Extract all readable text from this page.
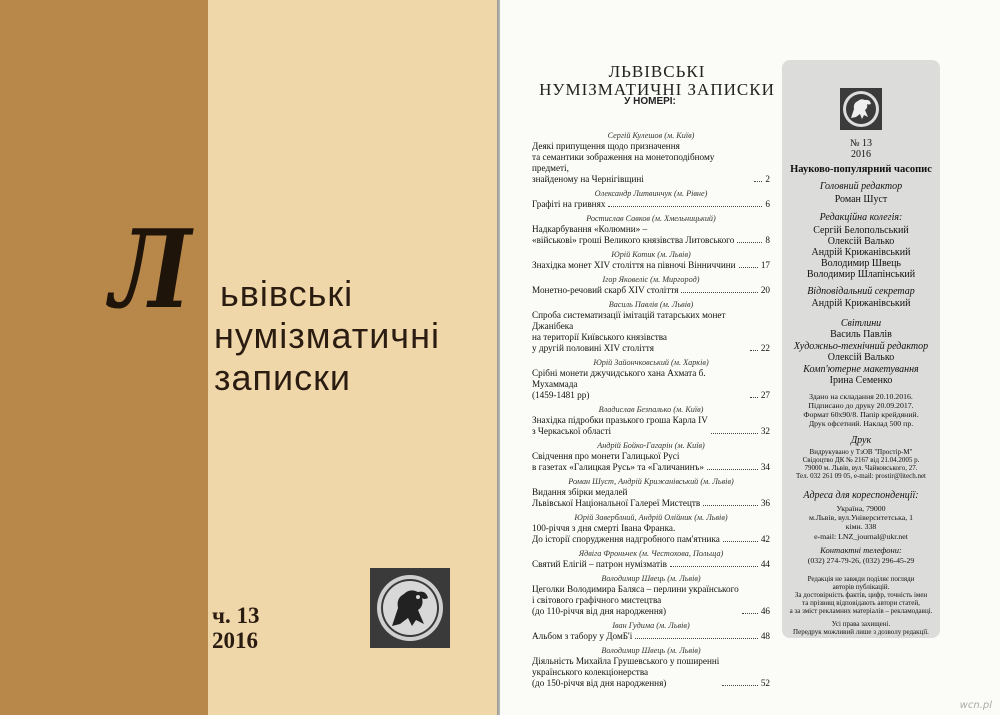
Л ьвівські
нумізматичні
записки
ч. 13
2016
ЛЬВІВСЬКІ
НУМІЗМАТИЧНІ ЗАПИСКИ
У НОМЕРІ:
Сергій Кулешов (м. Київ)
Деякі припущення щодо призначення
та семантики зображення на монетоподібному предметі,
знайденому на Чернігівщині	2
Олександр Литвинчук (м. Рівне)
Графіті на гривнях	6
Ростислав Савков (м. Хмельницький)
Надкарбування «Колюмни» –
«військові» гроші Великого князівства Литовського	8
Юрій Котик (м. Львів)
Знахідка монет XIV століття на півночі Вінниччини	17
Ігор Яковеліс (м. Миргород)
Монетно-речовий скарб XIV століття	20
Василь Павлів (м. Львів)
Спроба систематизації імітацій татарських монет Джанібека
на території Київського князівства
у другій половині XIV століття	22
Юрій Зайончковський (м. Харків)
Срібні монети джучидського хана Ахмата б. Мухаммада
(1459-1481 рр)	27
Владислав Безпалько (м. Київ)
Знахідка підробки празького гроша Карла IV
з Черкаської області	32
Андрій Бойко-Гагарін (м. Київ)
Свідчення про монети Галицької Русі
в газетах «Галицкая Русь» та «Галичанинъ»	34
Роман Шуст, Андрій Крижанівський (м. Львів)
Видання збірки медалей
Львівської Національної Галереї Мистецтв	36
Юрій Заверблний, Андрій Олійник (м. Львів)
100-річчя з дня смерті Івана Франка.
До історії спорудження надгробного пам'ятника	42
Ядвіга Фроньчек (м. Честохова, Польща)
Святий Елігій – патрон нумізматів	44
Володимир Швець (м. Львів)
Цеголки Володимира Баляса – перлини українського
і світового графічного мистецтва
(до 110-річчя від дня народження)	46
Іван Гудима (м. Львів)
Альбом з табору у ДомБ'і	48
Володимир Швець (м. Львів)
Діяльність Михайла Грушевського у поширенні
українського колекціонерства
(до 150-річчя від дня народження)	52
№ 13
2016
Науково-популярний часопис
Головний редактор
Роман Шуст
Редакційна колегія:
Сергій Белопольський
Олексій Валько
Андрій Крижанівський
Володимир Швець
Володимир Шлапінський
Відповідальний секретар
Андрій Крижанівський
Світлини
Василь Павлів
Художньо-технічний редактор
Олексій Валько
Комп'ютерне макетування
Ірина Семенко
Здано на складання 20.10.2016.
Підписано до друку 20.09.2017.
Формат 60х90/8. Папір крейдяний.
Друк офсетний. Наклад 500 пр.
Друк
Видрукувано у ТзОВ "Простір-М"
Свідоцтво ДК № 2167 від 21.04.2005 р.
79000 м. Львів, вул. Чайковського, 27.
Тел. 032 261 09 05, e-mail: prostir@litech.net
Адреса для кореспонденції:
Україна, 79000
м.Львів, вул.Університетська, 1
кімн. 338
e-mail: LNZ_journal@ukr.net
Контактні телефони:
(032) 274-79-26, (032) 296-45-29
Редакція не завжди поділяє погляди
авторів публікацій.
За достовірність фактів, цифр, точність імен
та прізвищ відповідають автори статей,
а за зміст рекламних матеріалів – рекламодавці.
Усі права захищені.
Передрук можливий лише з дозволу редакції.
wcn.pl
